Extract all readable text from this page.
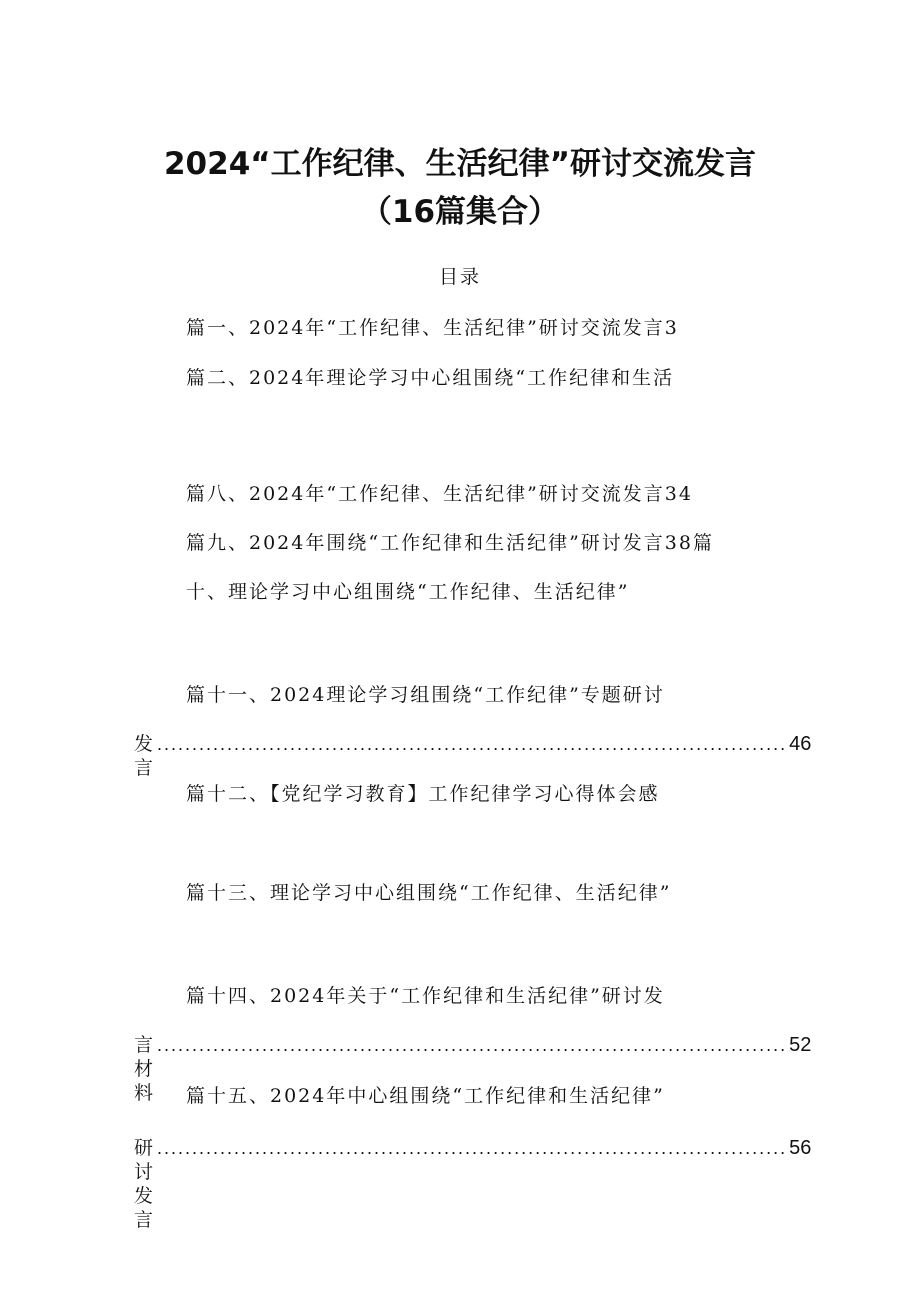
2024“工作纪律、生活纪律”研讨交流发言
（16篇集合）
目录
篇一、2024年“工作纪律、生活纪律”研讨交流发言3
篇二、2024年理论学习中心组围绕“工作纪律和生活
篇八、2024年“工作纪律、生活纪律”研讨交流发言34
篇九、2024年围绕“工作纪律和生活纪律”研讨发言38篇
十、理论学习中心组围绕“工作纪律、生活纪律”
篇十一、2024理论学习组围绕“工作纪律”专题研讨
发言
.......................................................................................... 46
篇十二、【党纪学习教育】工作纪律学习心得体会感
篇十三、理论学习中心组围绕“工作纪律、生活纪律”
篇十四、2024年关于“工作纪律和生活纪律”研讨发
言材料
.......................................................................................... 52
篇十五、2024年中心组围绕“工作纪律和生活纪律”
研讨发言
.......................................................................................... 56
